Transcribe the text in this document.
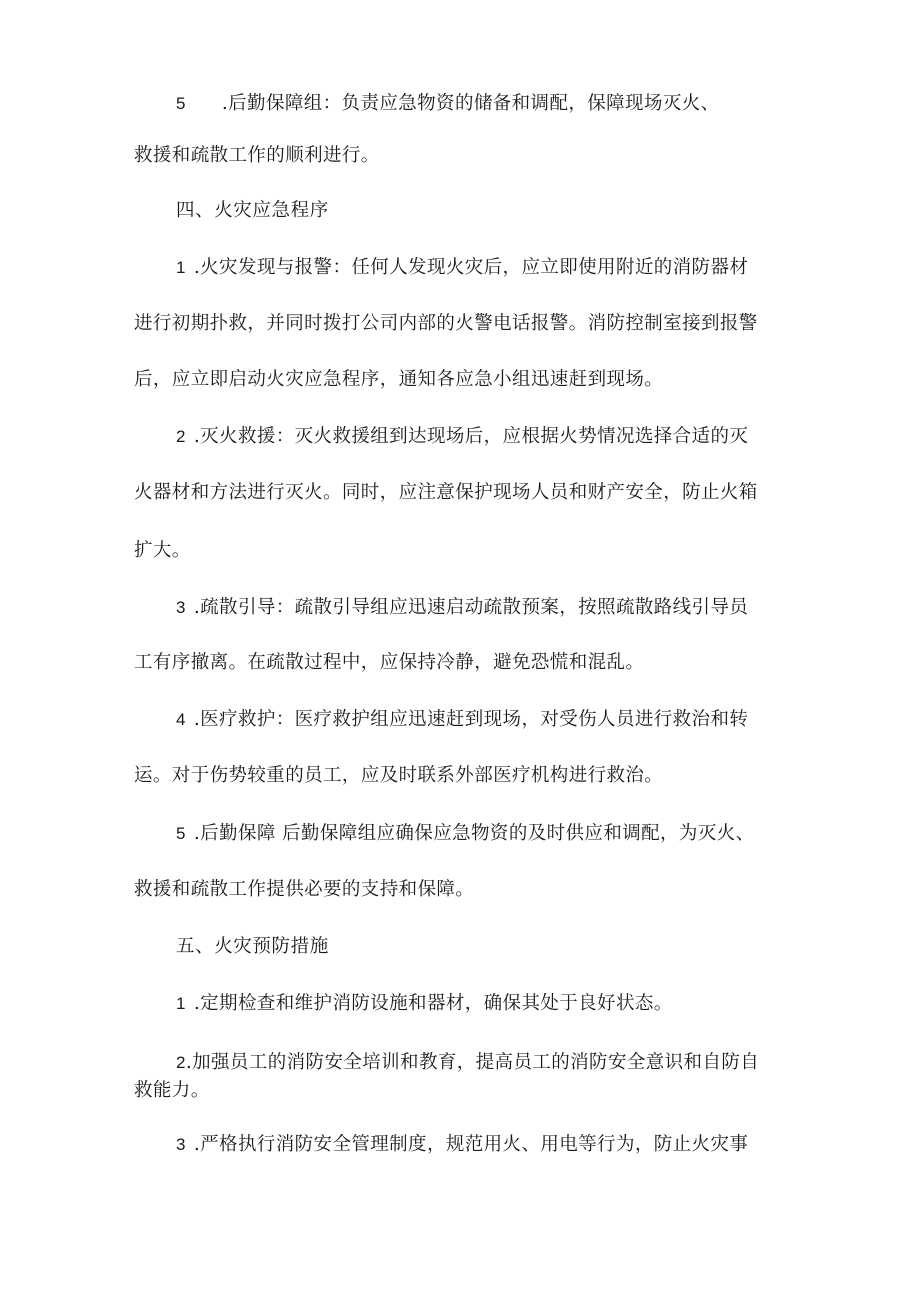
5 .后勤保障组：负责应急物资的储备和调配，保障现场灭火、
救援和疏散工作的顺利进行。
四、火灾应急程序
1 .火灾发现与报警：任何人发现火灾后，应立即使用附近的消防器材
进行初期扑救，并同时拨打公司内部的火警电话报警。消防控制室接到报警
后，应立即启动火灾应急程序，通知各应急小组迅速赶到现场。
2 .灭火救援：灭火救援组到达现场后，应根据火势情况选择合适的灭
火器材和方法进行灭火。同时，应注意保护现场人员和财产安全，防止火箱
扩大。
3 .疏散引导：疏散引导组应迅速启动疏散预案，按照疏散路线引导员
工有序撤离。在疏散过程中，应保持冷静，避免恐慌和混乱。
4 .医疗救护：医疗救护组应迅速赶到现场，对受伤人员进行救治和转
运。对于伤势较重的员工，应及时联系外部医疗机构进行救治。
5 .后勤保障 后勤保障组应确保应急物资的及时供应和调配，为灭火、
救援和疏散工作提供必要的支持和保障。
五、火灾预防措施
1 .定期检查和维护消防设施和器材，确保其处于良好状态。
2.加强员工的消防安全培训和教育，提高员工的消防安全意识和自防自
救能力。
3 .严格执行消防安全管理制度，规范用火、用电等行为，防止火灾事
